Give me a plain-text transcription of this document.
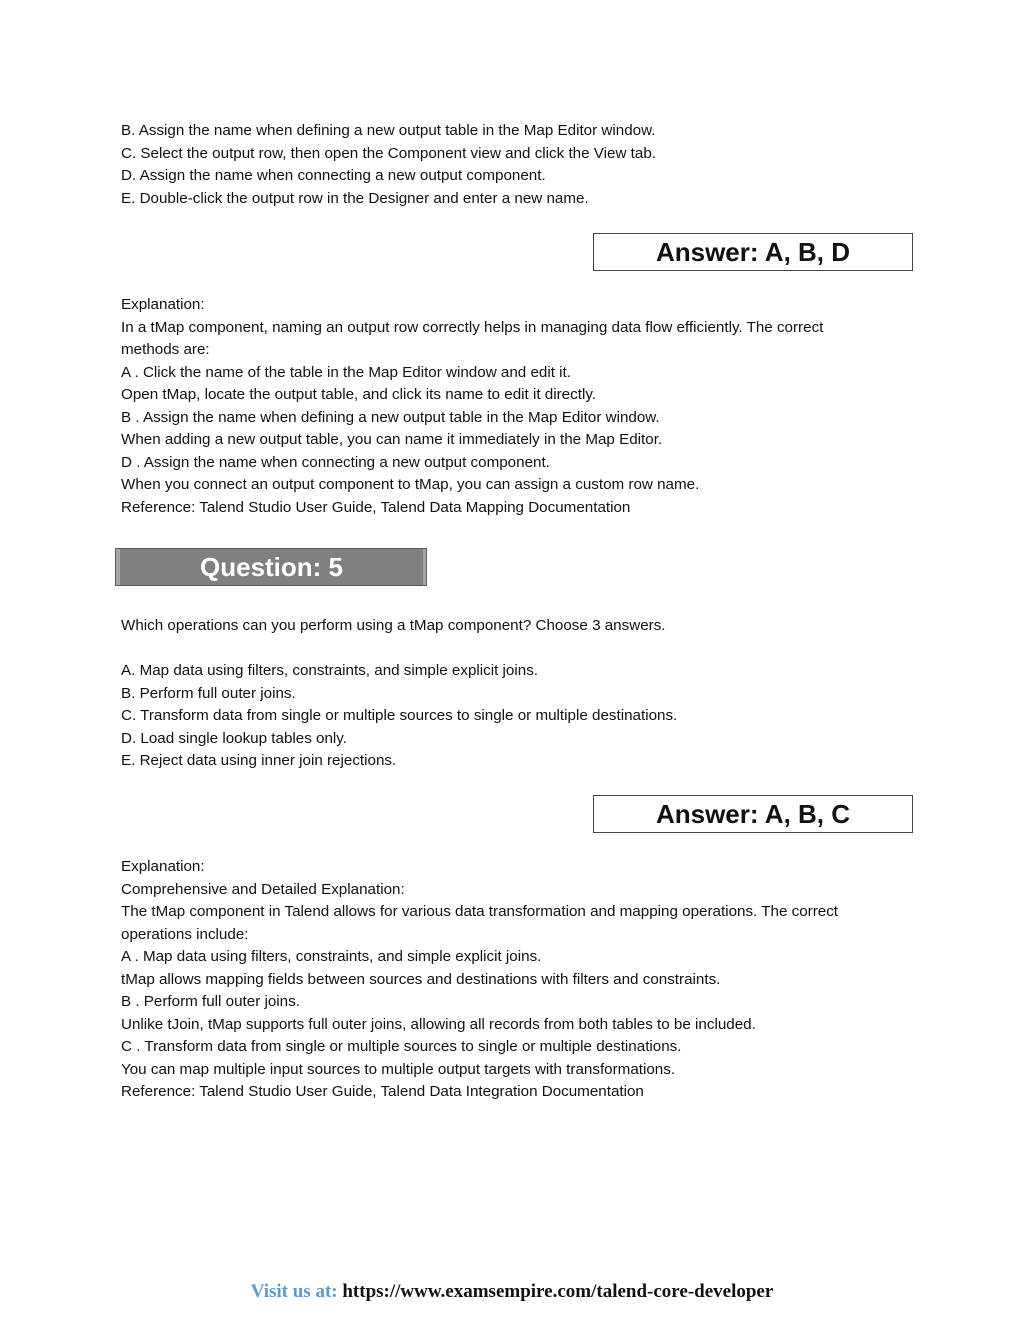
B. Assign the name when defining a new output table in the Map Editor window.

C. Select the output row, then open the Component view and click the View tab.

D. Assign the name when connecting a new output component.

E. Double-click the output row in the Designer and enter a new name.

Answer: A, B, D

Explanation:

In a tMap component, naming an output row correctly helps in managing data flow efficiently. The correct methods are:

A . Click the name of the table in the Map Editor window and edit it.

Open tMap, locate the output table, and click its name to edit it directly.

B . Assign the name when defining a new output table in the Map Editor window.

When adding a new output table, you can name it immediately in the Map Editor.

D . Assign the name when connecting a new output component.

When you connect an output component to tMap, you can assign a custom row name.

Reference: Talend Studio User Guide, Talend Data Mapping Documentation

Question: 5

Which operations can you perform using a tMap component? Choose 3 answers.

A. Map data using filters, constraints, and simple explicit joins.

B. Perform full outer joins.

C. Transform data from single or multiple sources to single or multiple destinations.

D. Load single lookup tables only.

E. Reject data using inner join rejections.

Answer: A, B, C

Explanation:

Comprehensive and Detailed Explanation:

The tMap component in Talend allows for various data transformation and mapping operations. The correct operations include:

A . Map data using filters, constraints, and simple explicit joins.

tMap allows mapping fields between sources and destinations with filters and constraints.

B . Perform full outer joins.

Unlike tJoin, tMap supports full outer joins, allowing all records from both tables to be included.

C . Transform data from single or multiple sources to single or multiple destinations.

You can map multiple input sources to multiple output targets with transformations.

Reference: Talend Studio User Guide, Talend Data Integration Documentation

Visit us at: https://www.examsempire.com/talend-core-developer
